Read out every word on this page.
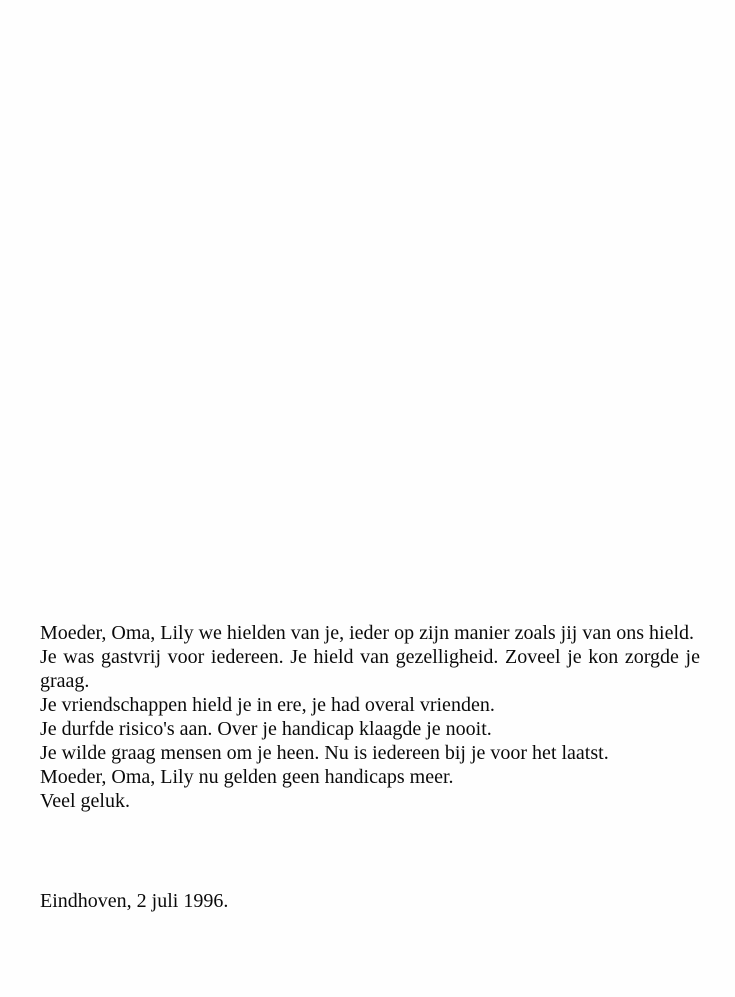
Moeder, Oma, Lily we hielden van je, ieder op zijn manier zoals jij van ons hield.

Je was gastvrij voor iedereen. Je hield van gezelligheid. Zoveel je kon zorgde je graag.

Je vriendschappen hield je in ere, je had overal vrienden.

Je durfde risico's aan. Over je handicap klaagde je nooit.

Je wilde graag mensen om je heen. Nu is iedereen bij je voor het laatst.

Moeder, Oma, Lily nu gelden geen handicaps meer.

Veel geluk.

Eindhoven, 2 juli 1996.
